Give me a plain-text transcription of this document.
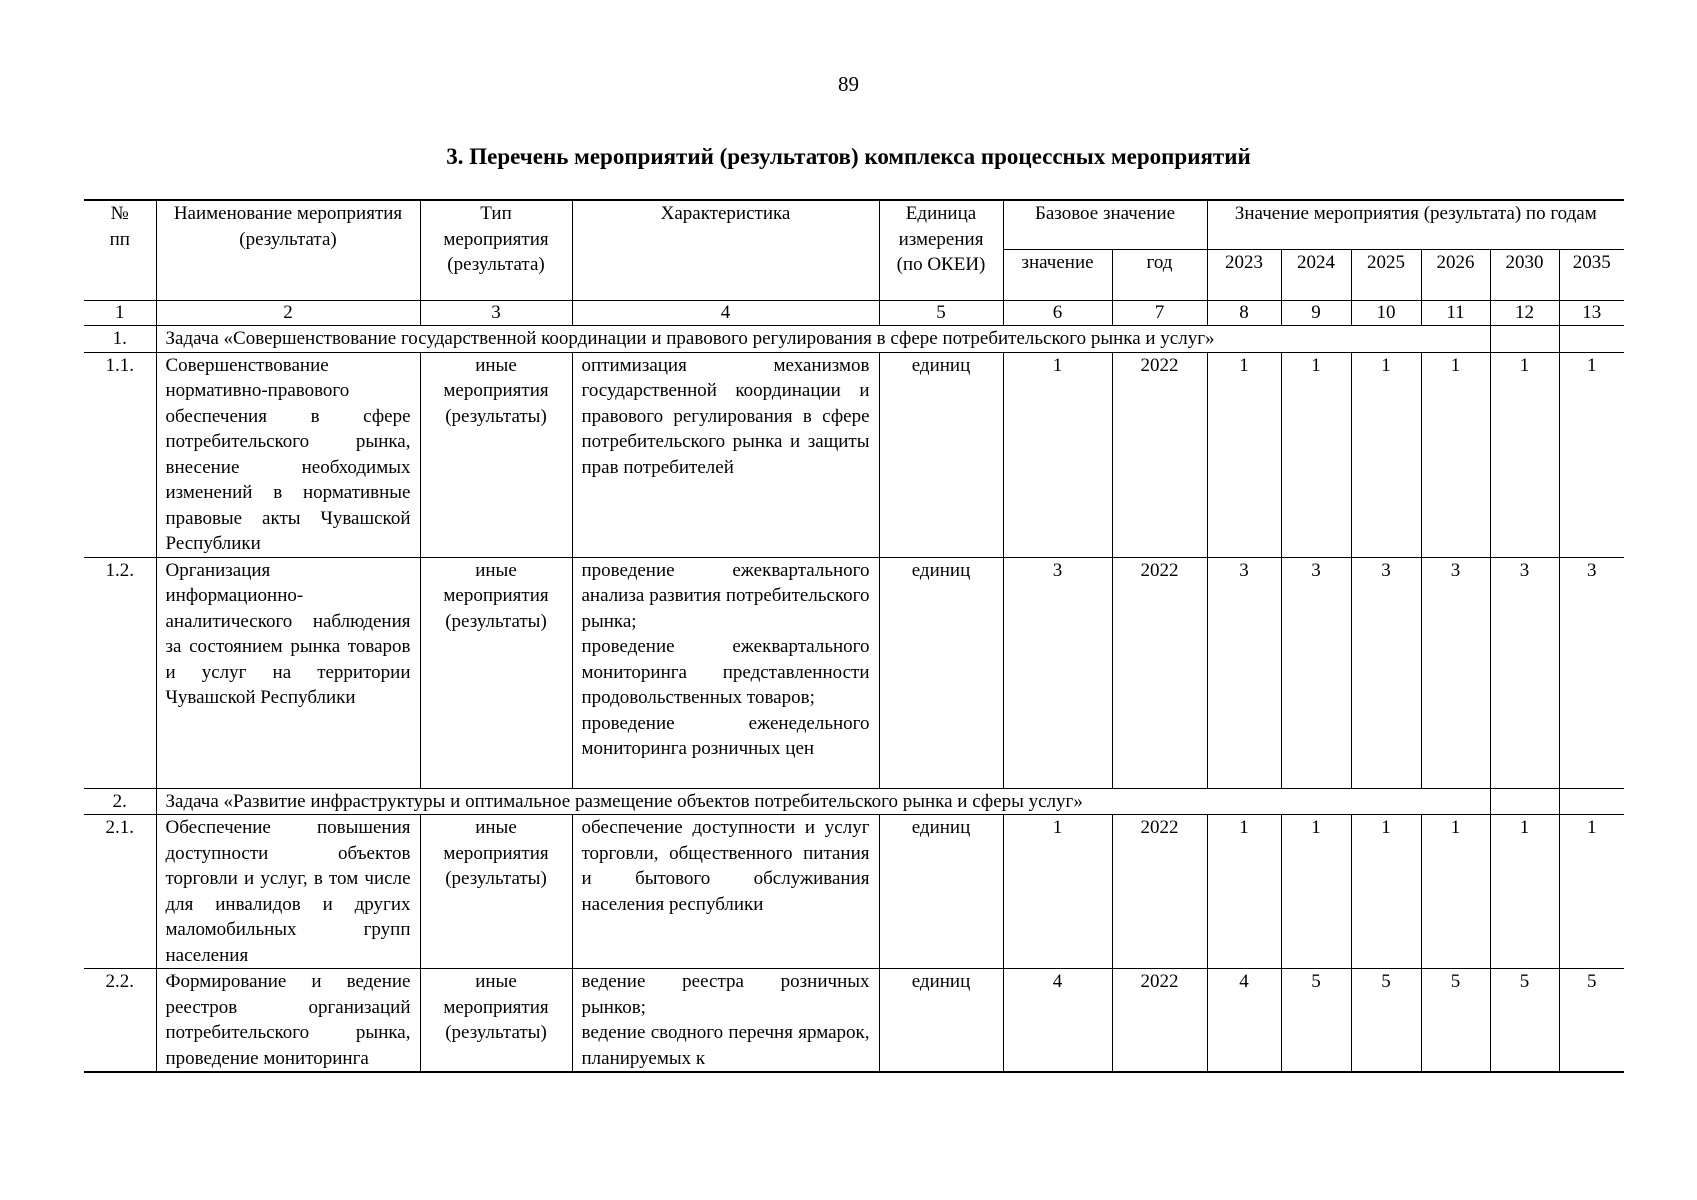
89
3. Перечень мероприятий (результатов) комплекса процессных мероприятий
№
пп	Наименование мероприятия (результата)	Тип мероприятия (результата)	Характеристика	Единица измерения (по ОКЕИ)	Базовое значение		Значение мероприятия (результата) по годам					
					значение	год	2023	2024	2025	2026	2030	2035
1	2	3	4	5	6	7	8	9	10	11	12	13
1.	Задача «Совершенствование государственной координации и правового регулирования в сфере потребительского рынка и услуг»											
1.1.	Совершенствование нормативно-правового обеспечения в сфере потребительского рынка, внесение необходимых изменений в нормативные правовые акты Чувашской Республики	иные мероприятия (результаты)	оптимизация механизмов государственной координации и правового регулирования в сфере потребительского рынка и защиты прав потребителей	единиц	1	2022	1	1	1	1	1	1
1.2.	Организация информационно-аналитического наблюдения за состоянием рынка товаров и услуг на территории Чувашской Республики	иные мероприятия (результаты)	проведение ежеквартального анализа развития потребительского рынка;
проведение ежеквартального мониторинга представленности продовольственных товаров;
проведение еженедельного мониторинга розничных цен	единиц	3	2022	3	3	3	3	3	3
2.	Задача «Развитие инфраструктуры и оптимальное размещение объектов потребительского рынка и сферы услуг»											
2.1.	Обеспечение повышения доступности объектов торговли и услуг, в том числе для инвалидов и других маломобильных групп населения	иные мероприятия (результаты)	обеспечение доступности и услуг торговли, общественного питания и бытового обслуживания населения республики	единиц	1	2022	1	1	1	1	1	1
2.2.	Формирование и ведение реестров организаций потребительского рынка, проведение мониторинга	иные мероприятия (результаты)	ведение реестра розничных рынков;
ведение сводного перечня ярмарок, планируемых к	единиц	4	2022	4	5	5	5	5	5
